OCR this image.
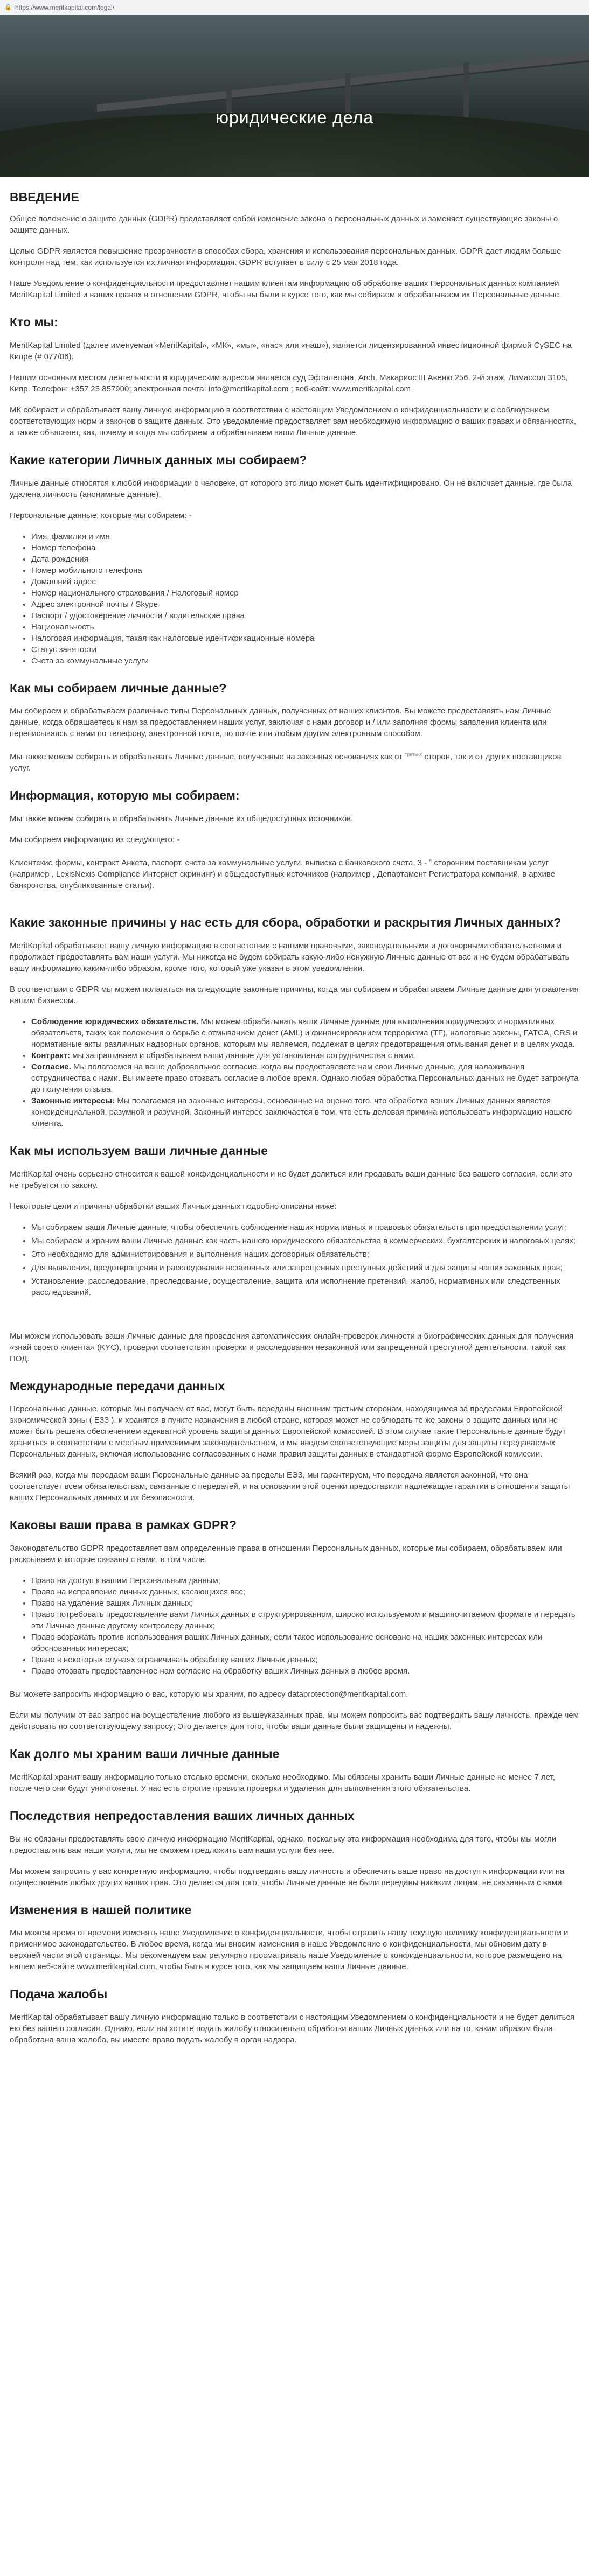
🔒 https://www.meritkapital.com/legal/
юридические дела
ВВЕДЕНИЕ

Общее положение о защите данных (GDPR) представляет собой изменение закона о персональных данных и заменяет существующие законы о защите данных.

Целью GDPR является повышение прозрачности в способах сбора, хранения и использования персональных данных. GDPR дает людям больше контроля над тем, как используется их личная информация. GDPR вступает в силу с 25 мая 2018 года.

Наше Уведомление о конфиденциальности предоставляет нашим клиентам информацию об обработке ваших Персональных данных компанией MeritKapital Limited и ваших правах в отношении GDPR, чтобы вы были в курсе того, как мы собираем и обрабатываем их Персональные данные.

Кто мы:

MeritKapital Limited (далее именуемая «MeritKapital», «МК», «мы», «нас» или «наш»), является лицензированной инвестиционной фирмой CySEC на Кипре (# 077/06).

Нашим основным местом деятельности и юридическим адресом является сyд Эфталегона, Arch. Макариос III Авеню 256, 2-й этаж, Лимассол 3105, Кипр. Телефон: +357 25 857900; электронная почта: info@meritkapital.com ; веб-сайт: www.meritkapital.com

МК собирает и обрабатывает вашу личную информацию в соответствии с настоящим Уведомлением о конфиденциальности и с соблюдением соответствующих норм и законов о защите данных. Это уведомление предоставляет вам необходимую информацию о ваших правах и обязанностях, а также объясняет, как, почему и когда мы собираем и обрабатываем ваши Личные данные.

Какие категории Личных данных мы собираем?

Личные данные относятся к любой информации о человеке, от которого это лицо может быть идентифицировано. Он не включает данные, где была удалена личность (анонимные данные).

Персональные данные, которые мы собираем: -

• Имя, фамилия и имя
• Номер телефона
• Дата рождения
• Номер мобильного телефона
• Домашний адрес
• Номер национального страхования / Налоговый номер
• Адрес электронной почты / Skype
• Паспорт / удостоверение личности / водительские права
• Национальность
• Налоговая информация, такая как налоговые идентификационные номера
• Статус занятости
• Счета за коммунальные услуги
Как мы собираем личные данные?

Мы собираем и обрабатываем различные типы Персональных данных, полученных от наших клиентов. Вы можете предоставлять нам Личные данные, когда обращаетесь к нам за предоставлением наших услуг, заключая с нами договор и / или заполняя формы заявления клиента или переписываясь с нами по телефону, электронной почте, по почте или любым другим электронным способом.

Мы также можем собирать и обрабатывать Личные данные, полученные на законных основаниях как от $^{третьих}$ сторон, так и от других поставщиков услуг.

Информация, которую мы собираем:

Мы также можем собирать и обрабатывать Личные данные из общедоступных источников.

Мы собираем информацию из следующего: -

Клиентские формы, контракт Анкета, паспорт, счета за коммунальные услуги, выписка с банковского счета, 3 - $^е$ сторонним поставщикам услуг (например , LexisNexis Compliance Интернет скрининг) и общедоступных источников (например , Департамент Регистратора компаний, в архиве банкротства, опубликованные статьи).

Какие законные причины у нас есть для сбора, обработки и раскрытия Личных данных?

MeritKapital обрабатывает вашу личную информацию в соответствии с нашими правовыми, законодательными и договорными обязательствами и продолжает предоставлять вам наши услуги. Мы никогда не будем собирать какую-либо ненужную Личные данные от вас и не будем обрабатывать вашу информацию каким-либо образом, кроме того, который уже указан в этом уведомлении.

В соответствии с GDPR мы можем полагаться на следующие законные причины, когда мы собираем и обрабатываем Личные данные для управления нашим бизнесом.

• Соблюдение юридических обязательств. Мы можем обрабатывать ваши Личные данные для выполнения юридических и нормативных обязательств, таких как положения о борьбе с отмыванием денег (AML) и финансированием терроризма (TF), налоговые законы, FATCA, CRS и нормативные акты различных надзорных органов, которым мы являемся, подлежат в целях предотвращения отмывания денег и в целях ухода.
• Контракт: мы запрашиваем и обрабатываем ваши данные для установления сотрудничества с нами.
• Согласие. Мы полагаемся на ваше добровольное согласие, когда вы предоставляете нам свои Личные данные, для налаживания сотрудничества с нами. Вы имеете право отозвать согласие в любое время. Однако любая обработка Персональных данных не будет затронута до получения отзыва.
• Законные интересы: Мы полагаемся на законные интересы, основанные на оценке того, что обработка ваших Личных данных является конфиденциальной, разумной и разумной. Законный интерес заключается в том, что есть деловая причина использовать информацию нашего клиента.
Как мы используем ваши личные данные

MeritKapital очень серьезно относится к вашей конфиденциальности и не будет делиться или продавать ваши данные без вашего согласия, если это не требуется по закону.

Некоторые цели и причины обработки ваших Личных данных подробно описаны ниже:

• Мы собираем ваши Личные данные, чтобы обеспечить соблюдение наших нормативных и правовых обязательств при предоставлении услуг;
• Мы собираем и храним ваши Личные данные как часть нашего юридического обязательства в коммерческих, бухгалтерских и налоговых целях;
• Это необходимо для администрирования и выполнения наших договорных обязательств;
• Для выявления, предотвращения и расследования незаконных или запрещенных преступных действий и для защиты наших законных прав;
• Установление, расследование, преследование, осуществление, защита или исполнение претензий, жалоб, нормативных или следственных расследований.

Мы можем использовать ваши Личные данные для проведения автоматических онлайн-проверок личности и биографических данных для получения «знай своего клиента» (KYC), проверки соответствия проверки и расследования незаконной или запрещенной преступной деятельности, такой как ПОД.

Международные передачи данных

Персональные данные, которые мы получаем от вас, могут быть переданы внешним третьим сторонам, находящимся за пределами Европейской экономической зоны ( E3З ), и хранятся в пункте назначения в любой стране, которая может не соблюдать те же законы о защите данных или не может быть решена обеспечением адекватной уровень защиты данных Европейской комиссией. В этом случае такие Персональные данные будут храниться в соответствии с местным применимым законодательством, и мы введем соответствующие меры защиты для защиты передаваемых Персональных данных, включая использование согласованных с нами правил защиты данных в стандартной форме Европейской комиссии.

Всякий раз, когда мы передаем ваши Персональные данные за пределы ЕЭЗ, мы гарантируем, что передача является законной, что она соответствует всем обязательствам, связанные с передачей, и на основании этой оценки предоставили надлежащие гарантии в отношении защиты ваших Персональных данных и их безопасности.

Каковы ваши права в рамках GDPR?

Законодательство GDPR предоставляет вам определенные права в отношении Персональных данных, которые мы собираем, обрабатываем или раскрываем и которые связаны с вами, в том числе:

• Право на доступ к вашим Персональным данным;
• Право на исправление личных данных, касающихся вас;
• Право на удаление ваших Личных данных;
• Право потребовать предоставление вами Личных данных в структурированном, широко используемом и машиночитаемом формате и передать эти Личные данные другому контролеру данных;
• Право возражать против использования ваших Личных данных, если такое использование основано на наших законных интересах или обоснованных интересах;
• Право в некоторых случаях ограничивать обработку ваших Личных данных;
• Право отозвать предоставленное нам согласие на обработку ваших Личных данных в любое время.

Вы можете запросить информацию о вас, которую мы храним, по адресу dataprotection@meritkapital.com.

Если мы получим от вас запрос на осуществление любого из вышеуказанных прав, мы можем попросить вас подтвердить вашу личность, прежде чем действовать по соответствующему запросу; Это делается для того, чтобы ваши данные были защищены и надежны.

Как долго мы храним ваши личные данные

MeritKapital хранит вашу информацию только столько времени, сколько необходимо. Мы обязаны хранить ваши Личные данные не менее 7 лет, после чего они будут уничтожены. У нас есть строгие правила проверки и удаления для выполнения этого обязательства.

Последствия непредоставления ваших личных данных

Вы не обязаны предоставлять свою личную информацию MeritKapital, однако, поскольку эта информация необходима для того, чтобы мы могли предоставлять вам наши услуги, мы не сможем предложить вам наши услуги без нее.

Мы можем запросить у вас конкретную информацию, чтобы подтвердить вашу личность и обеспечить ваше право на доступ к информации или на осуществление любых других ваших прав. Это делается для того, чтобы Личные данные не были переданы никаким лицам, не связанным с вами.

Изменения в нашей политике

Мы можем время от времени изменять наше Уведомление о конфиденциальности, чтобы отразить нашу текущую политику конфиденциальности и применимое законодательство. В любое время, когда мы вносим изменения в наше Уведомление о конфиденциальности, мы обновим дату в верхней части этой страницы. Мы рекомендуем вам регулярно просматривать наше Уведомление о конфиденциальности, которое размещено на нашем веб-сайте www.meritkapital.com, чтобы быть в курсе того, как мы защищаем ваши Личные данные.

Подача жалобы

MeritKapital обрабатывает вашу личную информацию только в соответствии с настоящим Уведомлением о конфиденциальности и не будет делиться ею без вашего согласия. Однако, если вы хотите подать жалобу относительно обработки ваших Личных данных или на то, каким образом была обработана ваша жалоба, вы имеете право подать жалобу в орган надзора.
